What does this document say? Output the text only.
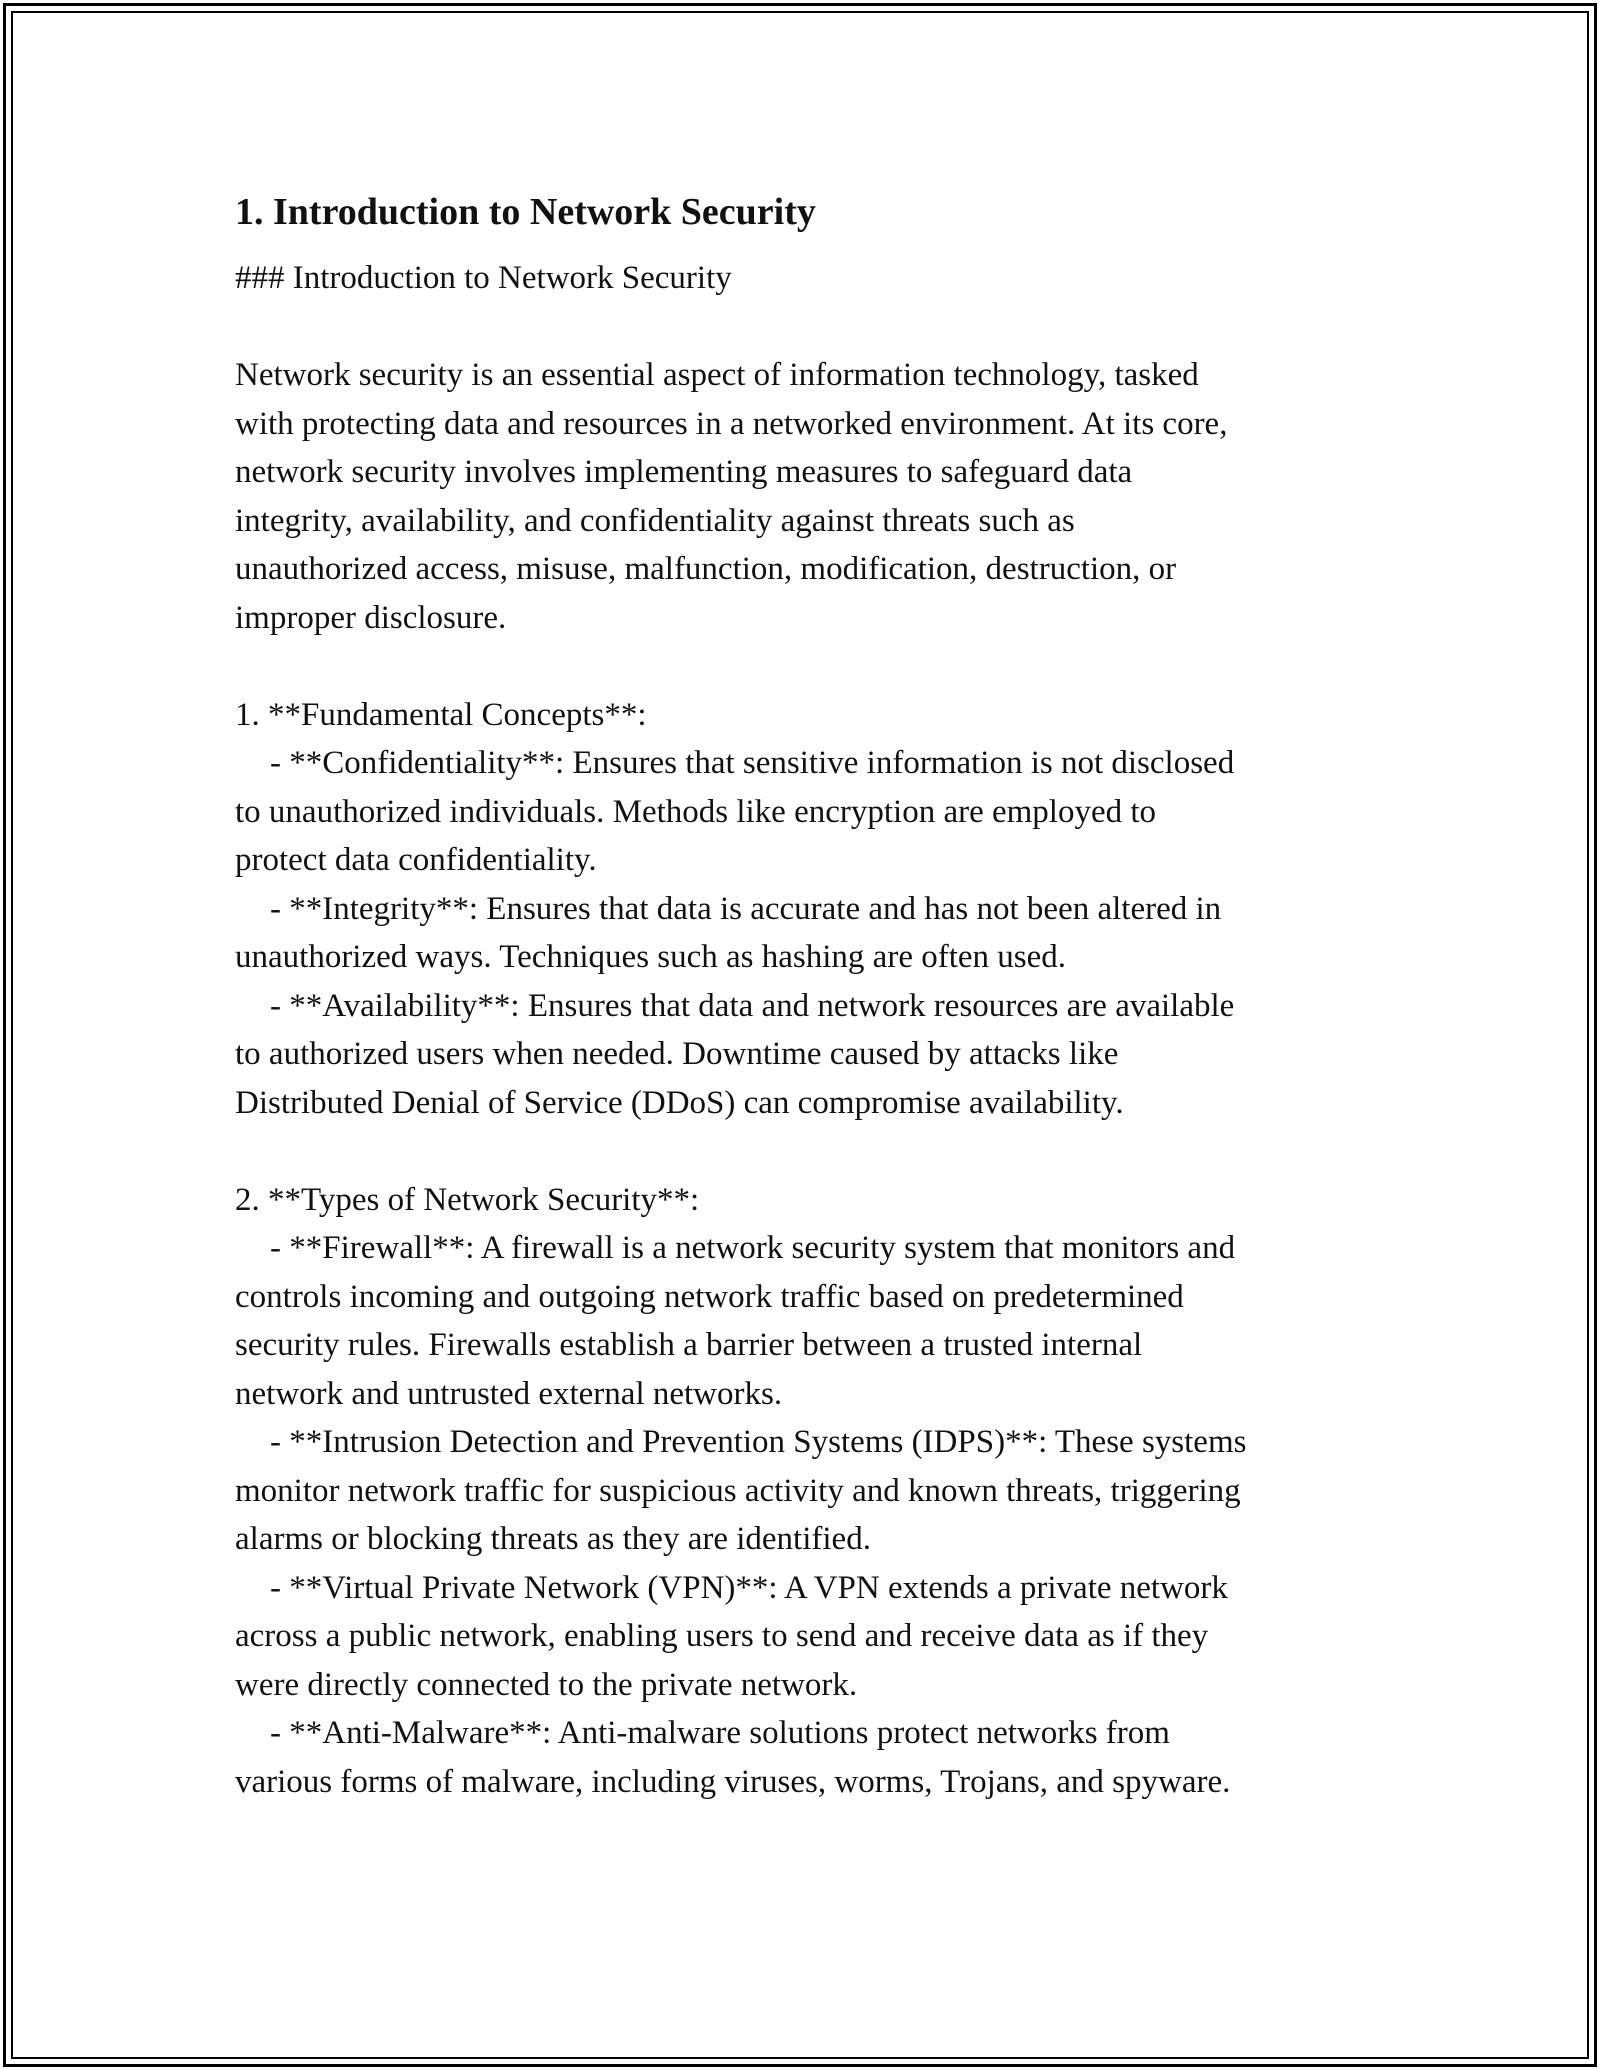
1. Introduction to Network Security

### Introduction to Network Security

Network security is an essential aspect of information technology, tasked

with protecting data and resources in a networked environment. At its core,

network security involves implementing measures to safeguard data

integrity, availability, and confidentiality against threats such as

unauthorized access, misuse, malfunction, modification, destruction, or

improper disclosure.

1. **Fundamental Concepts**:

- **Confidentiality**: Ensures that sensitive information is not disclosed

to unauthorized individuals. Methods like encryption are employed to

protect data confidentiality.

- **Integrity**: Ensures that data is accurate and has not been altered in

unauthorized ways. Techniques such as hashing are often used.

- **Availability**: Ensures that data and network resources are available

to authorized users when needed. Downtime caused by attacks like

Distributed Denial of Service (DDoS) can compromise availability.

2. **Types of Network Security**:

- **Firewall**: A firewall is a network security system that monitors and

controls incoming and outgoing network traffic based on predetermined

security rules. Firewalls establish a barrier between a trusted internal

network and untrusted external networks.

- **Intrusion Detection and Prevention Systems (IDPS)**: These systems

monitor network traffic for suspicious activity and known threats, triggering

alarms or blocking threats as they are identified.

- **Virtual Private Network (VPN)**: A VPN extends a private network

across a public network, enabling users to send and receive data as if they

were directly connected to the private network.

- **Anti-Malware**: Anti-malware solutions protect networks from

various forms of malware, including viruses, worms, Trojans, and spyware.
